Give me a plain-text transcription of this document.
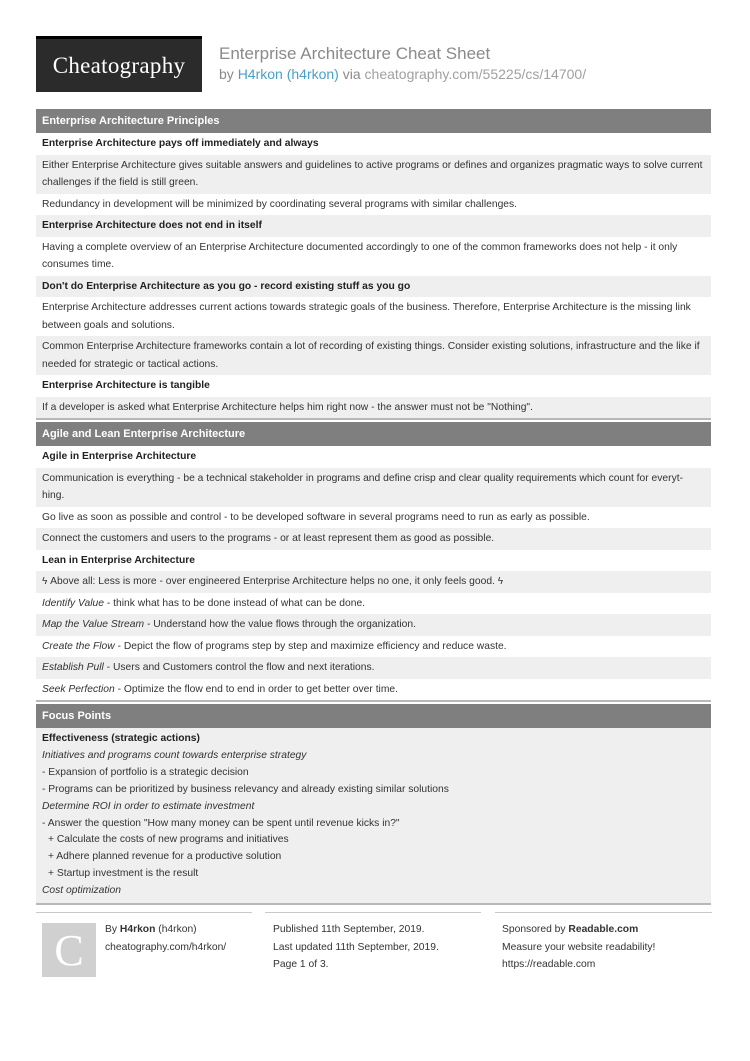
Cheatography	Enterprise Architecture Cheat Sheet
by H4rkon (h4rkon) via cheatography.com/55225/cs/14700/
Enterprise Architecture Principles
Enterprise Architecture pays off immediately and always
Either Enterprise Architecture gives suitable answers and guidelines to active programs or defines and organizes pragmatic ways to solve current challenges if the field is still green.
Redundancy in development will be minimized by coordinating several programs with similar challenges.
Enterprise Architecture does not end in itself
Having a complete overview of an Enterprise Architecture documented accordingly to one of the common frameworks does not help - it only consumes time.
Don't do Enterprise Architecture as you go - record existing stuff as you go
Enterprise Architecture addresses current actions towards strategic goals of the business. Therefore, Enterprise Architecture is the missing link between goals and solutions.
Common Enterprise Architecture frameworks contain a lot of recording of existing things. Consider existing solutions, infrastructure and the like if needed for strategic or tactical actions.
Enterprise Architecture is tangible
If a developer is asked what Enterprise Architecture helps him right now - the answer must not be "Nothing".
Agile and Lean Enterprise Architecture
Agile in Enterprise Architecture
Communication is everything - be a technical stakeholder in programs and define crisp and clear quality requirements which count for everyt-hing.
Go live as soon as possible and control - to be developed software in several programs need to run as early as possible.
Connect the customers and users to the programs - or at least represent them as good as possible.
Lean in Enterprise Architecture
ϟ Above all: Less is more - over engineered Enterprise Architecture helps no one, it only feels good. ϟ
Identify Value - think what has to be done instead of what can be done.
Map the Value Stream - Understand how the value flows through the organization.
Create the Flow - Depict the flow of programs step by step and maximize efficiency and reduce waste.
Establish Pull - Users and Customers control the flow and next iterations.
Seek Perfection - Optimize the flow end to end in order to get better over time.
Focus Points
Effectiveness (strategic actions)
Initiatives and programs count towards enterprise strategy
- Expansion of portfolio is a strategic decision
- Programs can be prioritized by business relevancy and already existing similar solutions
Determine ROI in order to estimate investment
- Answer the question "How many money can be spent until revenue kicks in?"
+ Calculate the costs of new programs and initiatives
+ Adhere planned revenue for a productive solution
+ Startup investment is the result
Cost optimization
C	By H4rkon (h4rkon)

cheatography.com/h4rkon/

Published 11th September, 2019.

Last updated 11th September, 2019.

Page 1 of 3.

Sponsored by Readable.com

Measure your website readability!

https://readable.com
